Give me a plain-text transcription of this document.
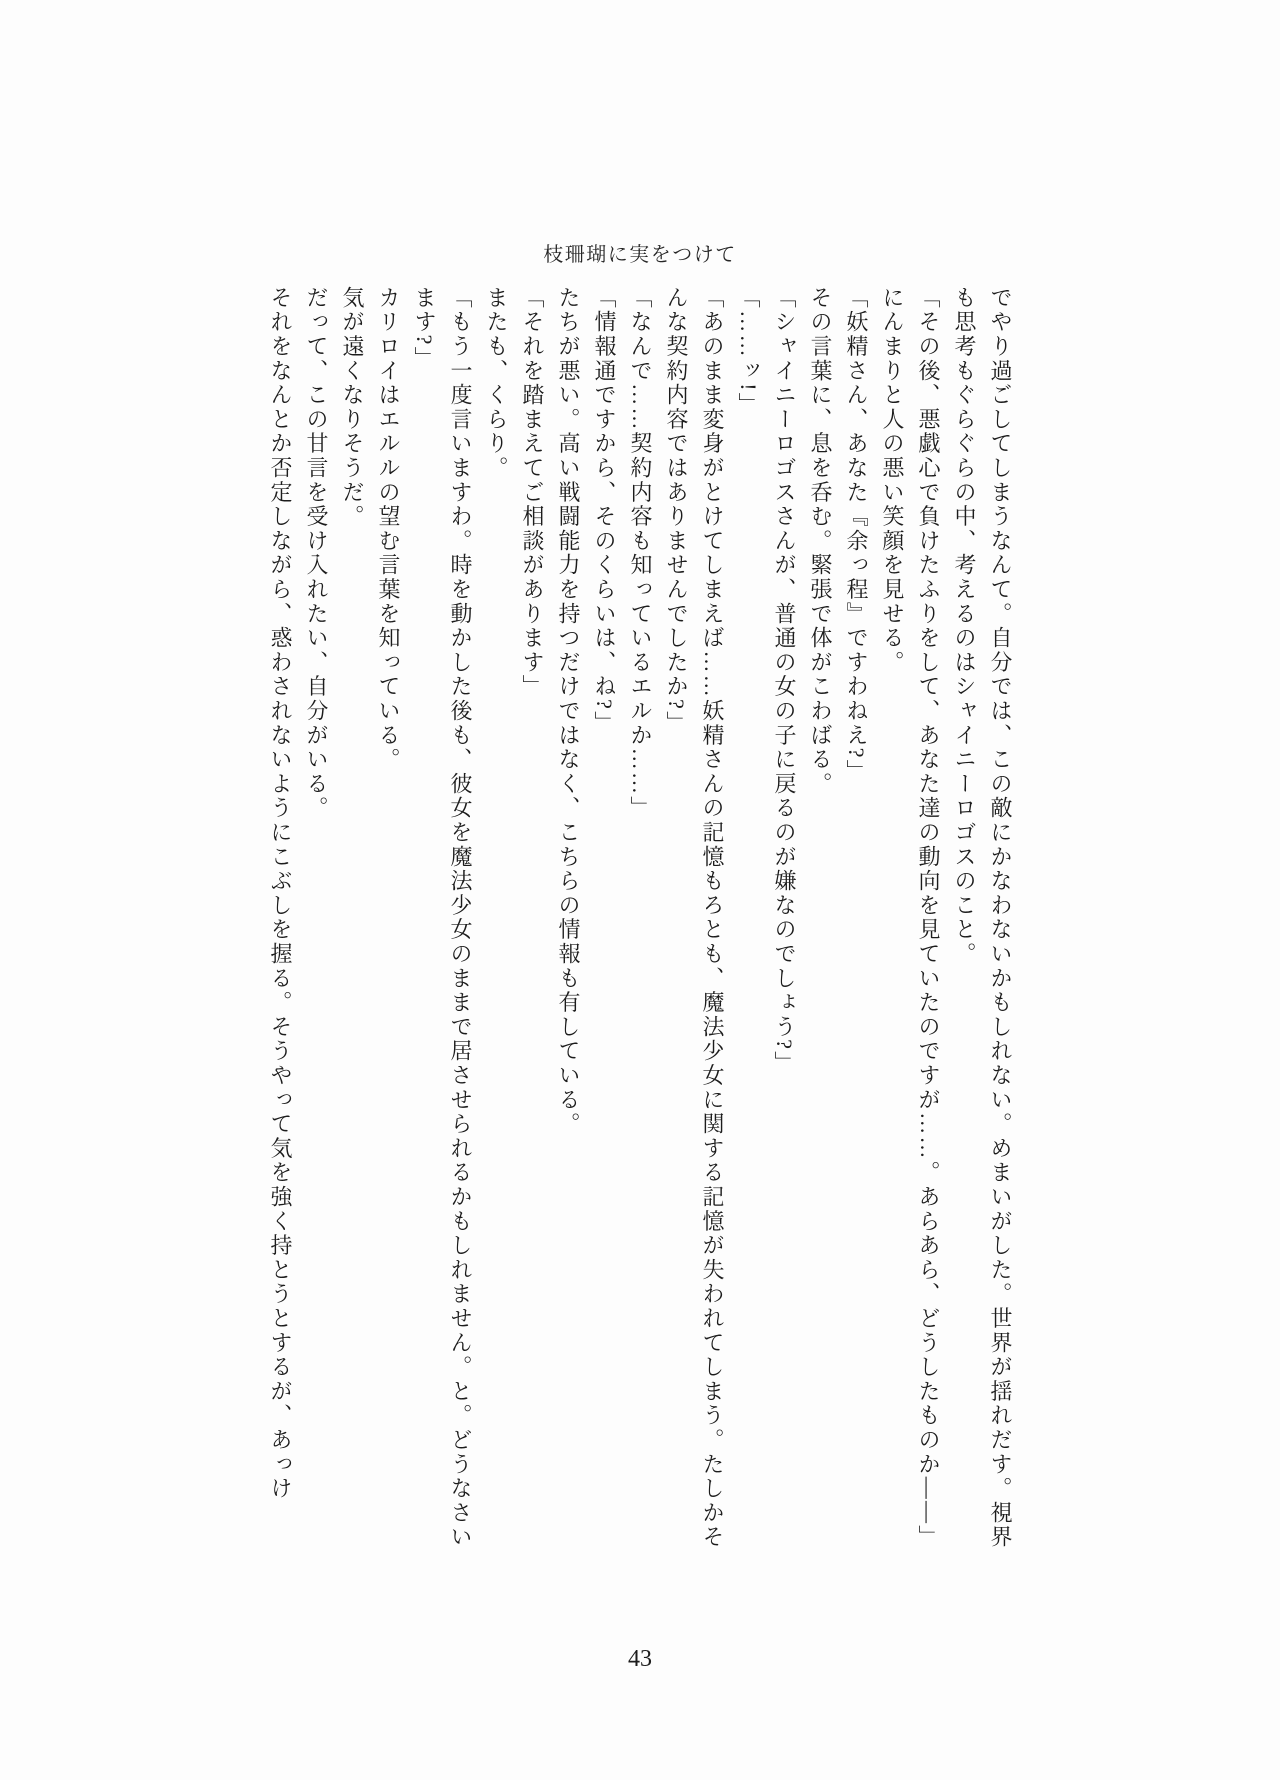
枝珊瑚に実をつけて

でやり過ごしてしまうなんて。自分では、この敵にかなわないかもしれない。めまいがした。世界が揺れだす。視界

も思考もぐらぐらの中、考えるのはシャイニーロゴスのこと。

「その後、悪戯心で負けたふりをして、あなた達の動向を見ていたのですが……。あらあら、どうしたものか――」

にんまりと人の悪い笑顔を見せる。

「妖精さん、あなた『余っ程』ですわねえ?」

その言葉に、息を呑む。緊張で体がこわばる。

「シャイニーロゴスさんが、普通の女の子に戻るのが嫌なのでしょう?」

「……ッ!」

「あのまま変身がとけてしまえば……妖精さんの記憶もろとも、魔法少女に関する記憶が失われてしまう。たしかそ

んな契約内容ではありませんでしたか?」

「なんで……契約内容も知っているエルか……」

「情報通ですから、そのくらいは、ね?」

たちが悪い。高い戦闘能力を持つだけではなく、こちらの情報も有している。

「それを踏まえてご相談があります」

またも、くらり。

「もう一度言いますわ。時を動かした後も、彼女を魔法少女のままで居させられるかもしれません。と。どうなさい

ます?」

カリロイはエルルの望む言葉を知っている。

気が遠くなりそうだ。

だって、この甘言を受け入れたい、自分がいる。

それをなんとか否定しながら、惑わされないようにこぶしを握る。そうやって気を強く持とうとするが、あっけ

43
